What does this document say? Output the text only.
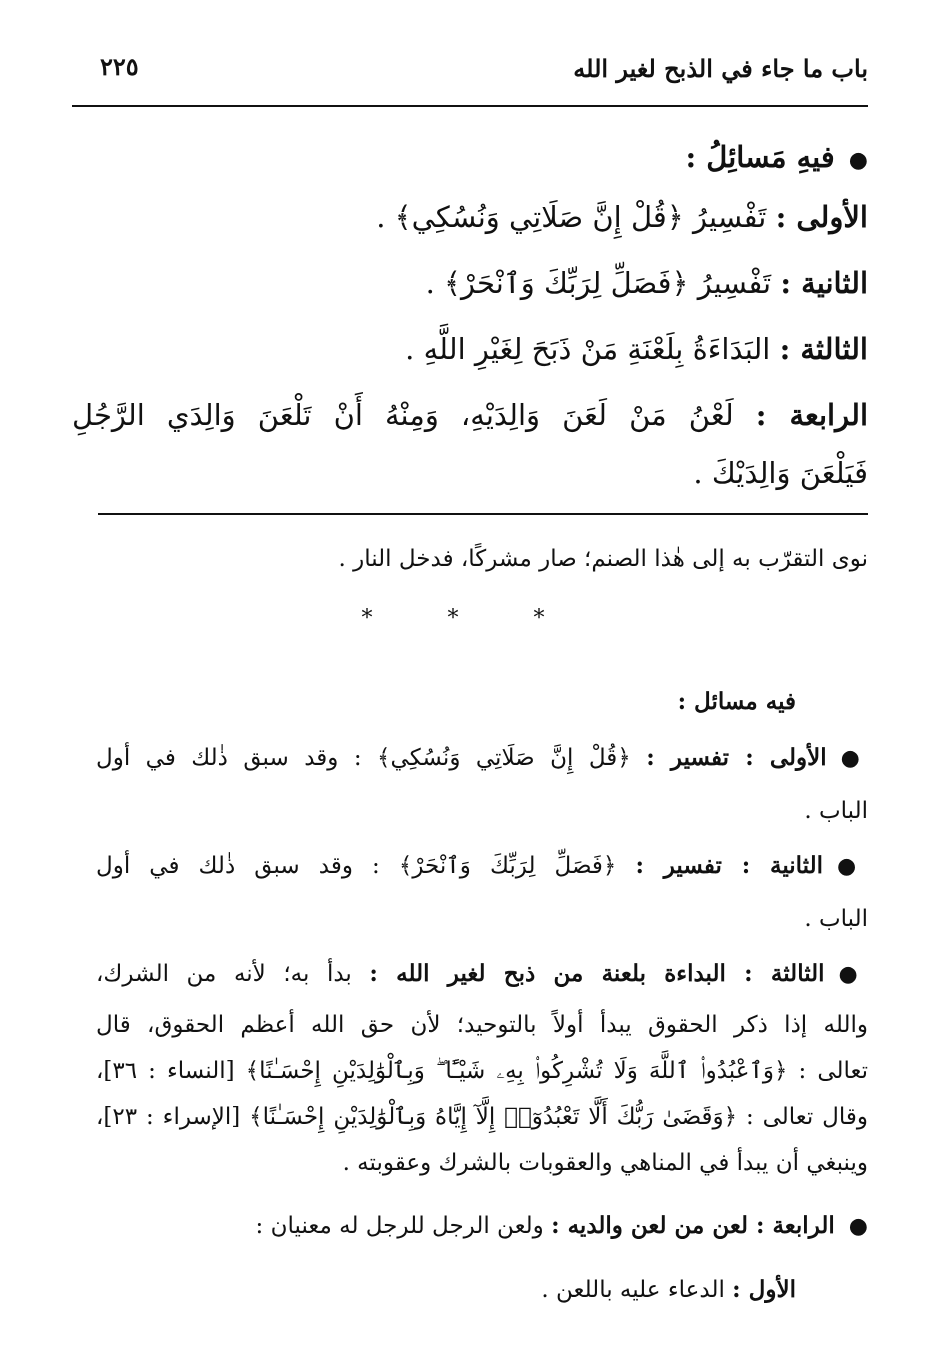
باب ما جاء في الذبح لغير الله
٢٢٥
●فيهِ مَسائِلُ :
الأولى : تَفْسِيرُ ﴿قُلْ إِنَّ صَلَاتِي وَنُسُكِي﴾ .
الثانية : تَفْسِيرُ ﴿فَصَلِّ لِرَبِّكَ وَٱنْحَرْ﴾ .
الثالثة : البَدَاءَةُ بِلَعْنَةِ مَنْ ذَبَحَ لِغَيْرِ اللَّهِ .
الرابعة : لَعْنُ مَنْ لَعَنَ وَالِدَيْهِ، وَمِنْهُ أَنْ تَلْعَنَ وَالِدَي الرَّجُلِ
فَيَلْعَنَ وَالِدَيْكَ .
نوى التقرّب به إلى هٰذا الصنم؛ صار مشركًا، فدخل النار .
* * *
فيه مسائل :
●الأولى : تفسير : ﴿قُلْ إِنَّ صَلَاتِي وَنُسُكِي﴾ : وقد سبق ذٰلك في أول
الباب .
●الثانية : تفسير : ﴿فَصَلِّ لِرَبِّكَ وَٱنْحَرْ﴾ : وقد سبق ذٰلك في أول
الباب .
●الثالثة : البداءة بلعنة من ذبح لغير الله : بدأ به؛ لأنه من الشرك،
والله إذا ذكر الحقوق يبدأ أولاً بالتوحيد؛ لأن حق الله أعظم الحقوق، قال
تعالى : ﴿وَٱعْبُدُوا۟ ٱللَّهَ وَلَا تُشْرِكُوا۟ بِهِۦ شَيْـًٔا ۖ وَبِٱلْوَٰلِدَيْنِ إِحْسَـٰنًا﴾ [النساء : ٣٦]،
وقال تعالى : ﴿وَقَضَىٰ رَبُّكَ أَلَّا تَعْبُدُوٓا۟ إِلَّآ إِيَّاهُ وَبِٱلْوَٰلِدَيْنِ إِحْسَـٰنًا﴾ [الإسراء : ٢٣]،
وينبغي أن يبدأ في المناهي والعقوبات بالشرك وعقوبته .
●الرابعة : لعن من لعن والديه : ولعن الرجل للرجل له معنيان :
الأول : الدعاء عليه باللعن .
